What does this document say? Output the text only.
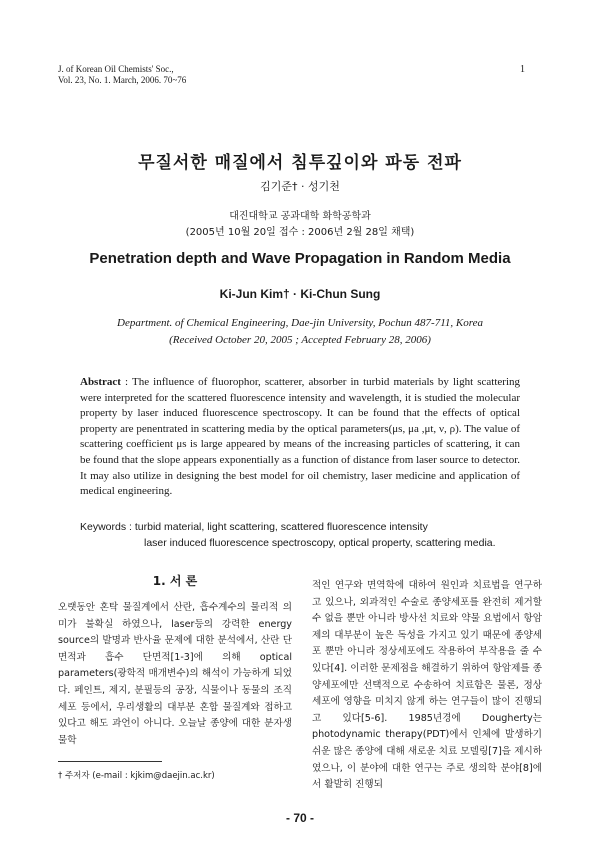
J. of Korean Oil Chemists' Soc.,
Vol. 23, No. 1. March, 2006. 70~76
1
무질서한 매질에서 침투깊이와 파동 전파
김기준† · 성기천
대진대학교 공과대학 화학공학과
(2005년 10월 20일 접수 : 2006년 2월 28일 채택)
Penetration depth and Wave Propagation in Random Media
Ki-Jun Kim† · Ki-Chun Sung
Department. of Chemical Engineering, Dae-jin University, Pochun 487-711, Korea
(Received October 20, 2005 ; Accepted February 28, 2006)
Abstract : The influence of fluorophor, scatterer, absorber in turbid materials by light scattering were interpreted for the scattered fluorescence intensity and wavelength, it is studied the molecular property by laser induced fluorescence spectroscopy. It can be found that the effects of optical property are penentrated in scattering media by the optical parameters(μs, μa ,μt, ν, ρ). The value of scattering coefficient μs is large appeared by means of the increasing particles of scattering, it can be found that the slope appears exponentially as a function of distance from laser source to detector. It may also utilize in designing the best model for oil chemistry, laser medicine and application of medical engineering.
Keywords : turbid material, light scattering, scattered fluorescence intensity
laser induced fluorescence spectroscopy, optical property, scattering media.
1. 서 론
오랫동안 혼탁 물질계에서 산란, 흡수계수의 물리적 의미가 불확실 하였으나, laser등의 강력한 energy source의 발명과 반사율 문제에 대한 분석에서, 산란 단면적과 흡수 단면적[1-3]에 의해 optical parameters(광학적 매개변수)의 해석이 가능하게 되었다. 페인트, 제지, 분필등의 공장, 식물이나 동물의 조직세포 등에서, 우리생활의 대부분 혼합 물질계와 접하고 있다고 해도 과언이 아니다. 오늘날 종양에 대한 분자생물학
적인 연구와 면역학에 대하여 원인과 치료법을 연구하고 있으나, 외과적인 수술로 종양세포를 완전히 제거할 수 없을 뿐만 아니라 방사선 치료와 약물 요법에서 항암제의 대부분이 높은 독성을 가지고 있기 때문에 종양세포 뿐만 아니라 정상세포에도 작용하여 부작용을 줄 수 있다[4]. 이러한 문제점을 해결하기 위하여 항암제를 종양세포에만 선택적으로 수송하여 치료함은 물론, 정상세포에 영향을 미치지 않게 하는 연구들이 많이 진행되고 있다[5-6]. 1985년경에 Dougherty는 photodynamic therapy(PDT)에서 인체에 발생하기 쉬운 많은 종양에 대해 새로운 치료 모델링[7]을 제시하였으나, 이 분야에 대한 연구는 주로 생의학 분야[8]에서 활발히 진행되
† 주저자 (e-mail : kjkim@daejin.ac.kr)
- 70 -
